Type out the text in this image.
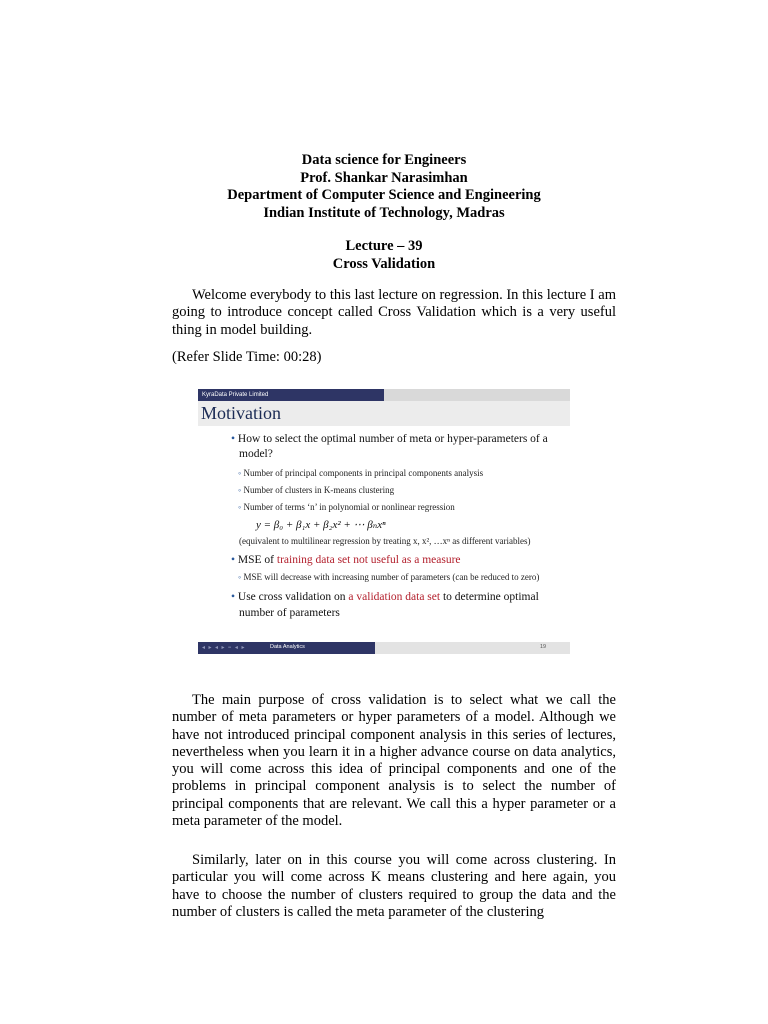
Data science for Engineers
Prof. Shankar Narasimhan
Department of Computer Science and Engineering
Indian Institute of Technology, Madras
Lecture – 39
Cross Validation

Welcome everybody to this last lecture on regression. In this lecture I am going to introduce concept called Cross Validation which is a very useful thing in model building.

(Refer Slide Time: 00:28)
KyraData Private Limited
Motivation
• How to select the optimal number of meta or hyper-parameters of a
model?
◦ Number of principal components in principal components analysis
◦ Number of clusters in K-means clustering
◦ Number of terms ‘n’ in polynomial or nonlinear regression
y = β₀ + β₁x + β₂x² + ⋯ βₙxⁿ
(equivalent to multilinear regression by treating x, x², …xⁿ as different variables)
• MSE of training data set not useful as a measure
◦ MSE will decrease with increasing number of parameters (can be reduced to zero)
• Use cross validation on a validation data set to determine optimal
number of parameters
◂ ▸ ◂ ▸ ≡ ◂ ▸	Data Analytics	19

The main purpose of cross validation is to select what we call the number of meta parameters or hyper parameters of a model. Although we have not introduced principal component analysis in this series of lectures, nevertheless when you learn it in a higher advance course on data analytics, you will come across this idea of principal components and one of the problems in principal component analysis is to select the number of principal components that are relevant. We call this a hyper parameter or a meta parameter of the model.

Similarly, later on in this course you will come across clustering. In particular you will come across K means clustering and here again, you have to choose the number of clusters required to group the data and the number of clusters is called the meta parameter of the clustering
